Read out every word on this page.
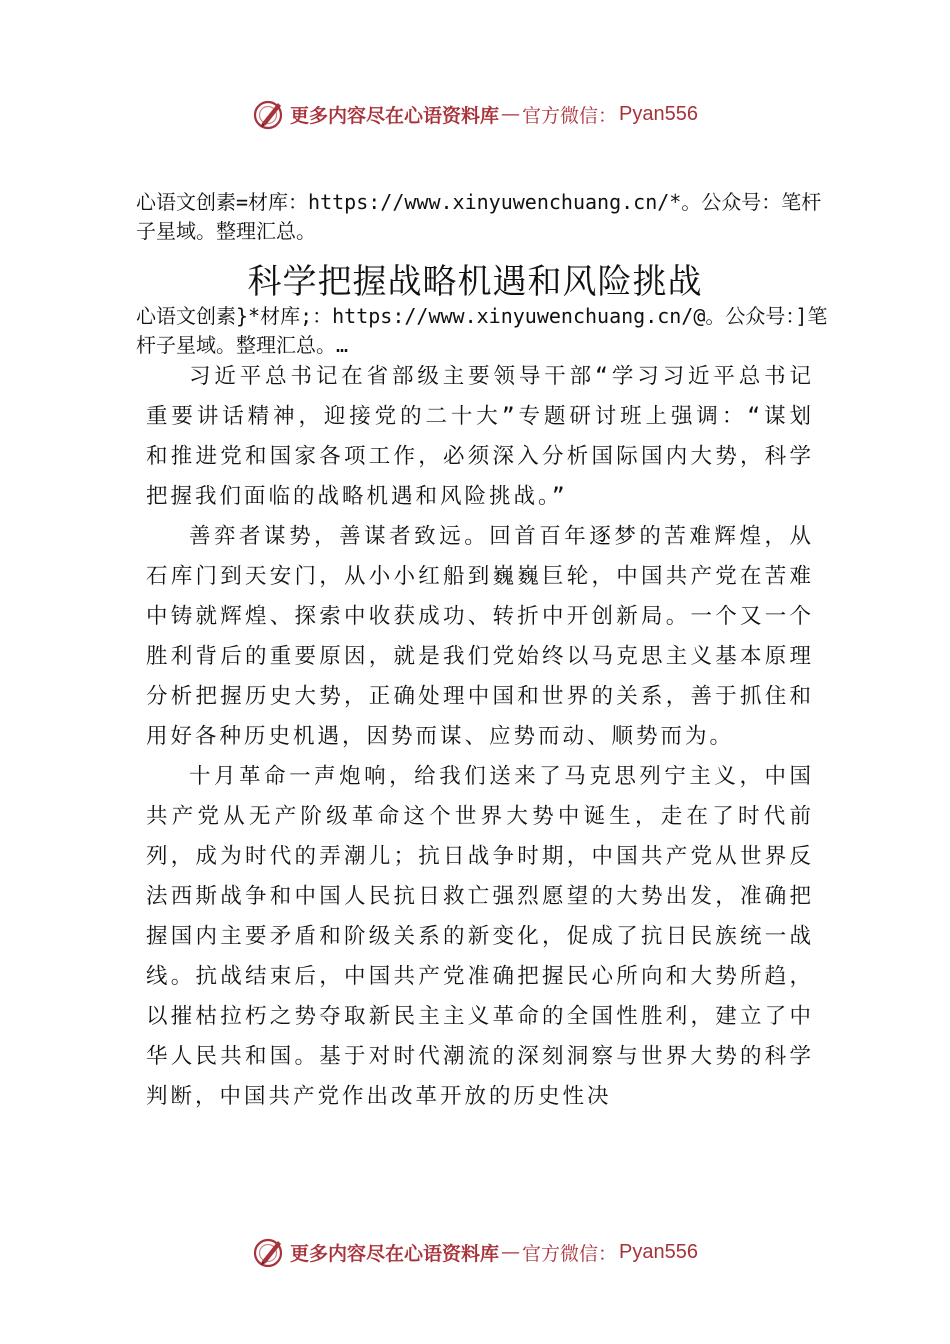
更多内容尽在心语资料库 — 官方微信： Pyan556
心语文创素=材库：https://www.xinyuwenchuang.cn/*。公众号：笔杆子星域。整理汇总。
科学把握战略机遇和风险挑战
心语文创素}*材库;：https://www.xinyuwenchuang.cn/@。公众号：]笔杆子星域。整理汇总。…

习近平总书记在省部级主要领导干部“学习习近平总书记重要讲话精神，迎接党的二十大”专题研讨班上强调：“谋划和推进党和国家各项工作，必须深入分析国际国内大势，科学把握我们面临的战略机遇和风险挑战。”

善弈者谋势，善谋者致远。回首百年逐梦的苦难辉煌，从石库门到天安门，从小小红船到巍巍巨轮，中国共产党在苦难中铸就辉煌、探索中收获成功、转折中开创新局。一个又一个胜利背后的重要原因，就是我们党始终以马克思主义基本原理分析把握历史大势，正确处理中国和世界的关系，善于抓住和用好各种历史机遇，因势而谋、应势而动、顺势而为。

十月革命一声炮响，给我们送来了马克思列宁主义，中国共产党从无产阶级革命这个世界大势中诞生，走在了时代前列，成为时代的弄潮儿；抗日战争时期，中国共产党从世界反法西斯战争和中国人民抗日救亡强烈愿望的大势出发，准确把握国内主要矛盾和阶级关系的新变化，促成了抗日民族统一战线。抗战结束后，中国共产党准确把握民心所向和大势所趋，以摧枯拉朽之势夺取新民主主义革命的全国性胜利，建立了中华人民共和国。基于对时代潮流的深刻洞察与世界大势的科学判断，中国共产党作出改革开放的历史性决

更多内容尽在心语资料库 — 官方微信： Pyan556
